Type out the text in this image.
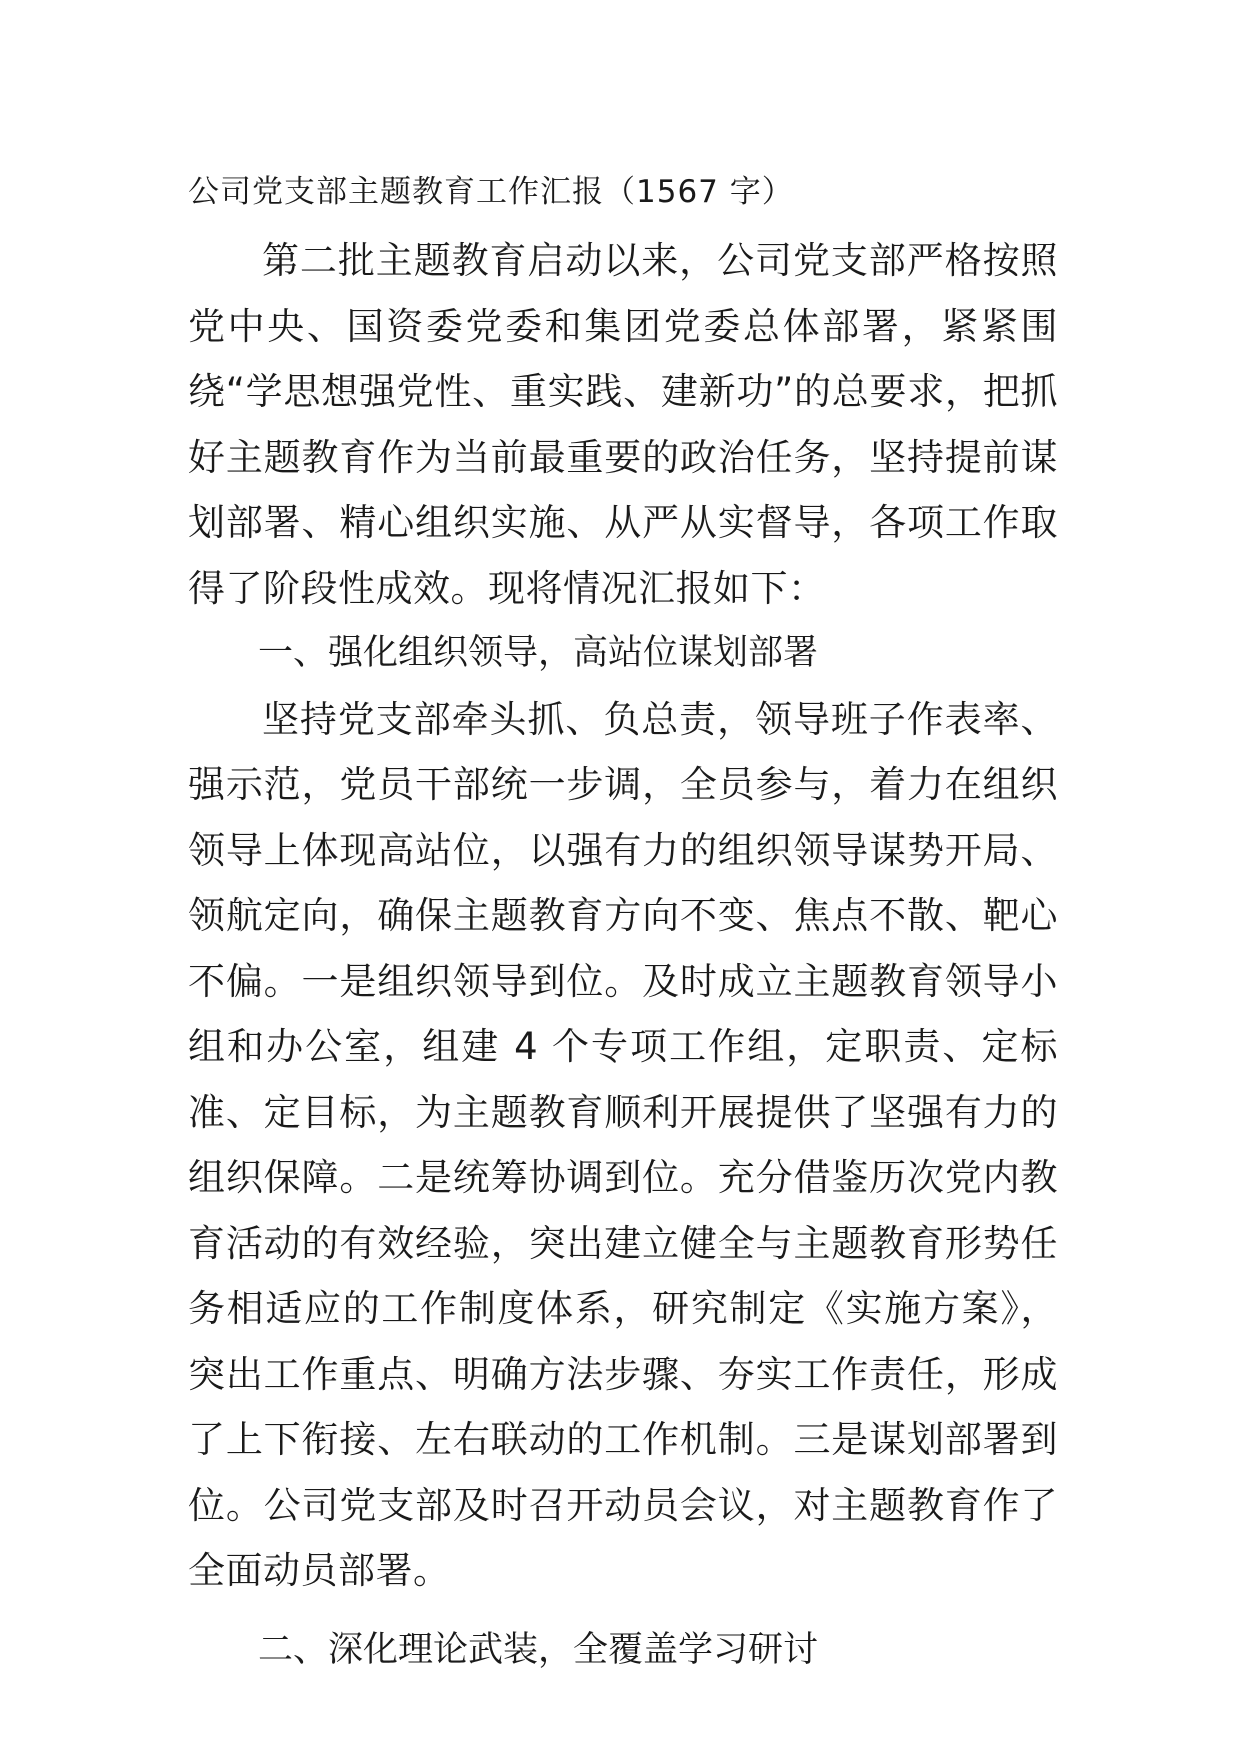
公司党支部主题教育工作汇报（1567 字）

第二批主题教育启动以来，公司党支部严格按照党中央、国资委党委和集团党委总体部署，紧紧围绕“学思想强党性、重实践、建新功”的总要求，把抓好主题教育作为当前最重要的政治任务，坚持提前谋划部署、精心组织实施、从严从实督导，各项工作取得了阶段性成效。现将情况汇报如下：

一、强化组织领导，高站位谋划部署

坚持党支部牵头抓、负总责，领导班子作表率、强示范，党员干部统一步调，全员参与，着力在组织领导上体现高站位，以强有力的组织领导谋势开局、领航定向，确保主题教育方向不变、焦点不散、靶心不偏。一是组织领导到位。及时成立主题教育领导小组和办公室，组建 4 个专项工作组，定职责、定标准、定目标，为主题教育顺利开展提供了坚强有力的组织保障。二是统筹协调到位。充分借鉴历次党内教育活动的有效经验，突出建立健全与主题教育形势任务相适应的工作制度体系，研究制定《实施方案》，突出工作重点、明确方法步骤、夯实工作责任，形成了上下衔接、左右联动的工作机制。三是谋划部署到位。公司党支部及时召开动员会议，对主题教育作了全面动员部署。

二、深化理论武装，全覆盖学习研讨
